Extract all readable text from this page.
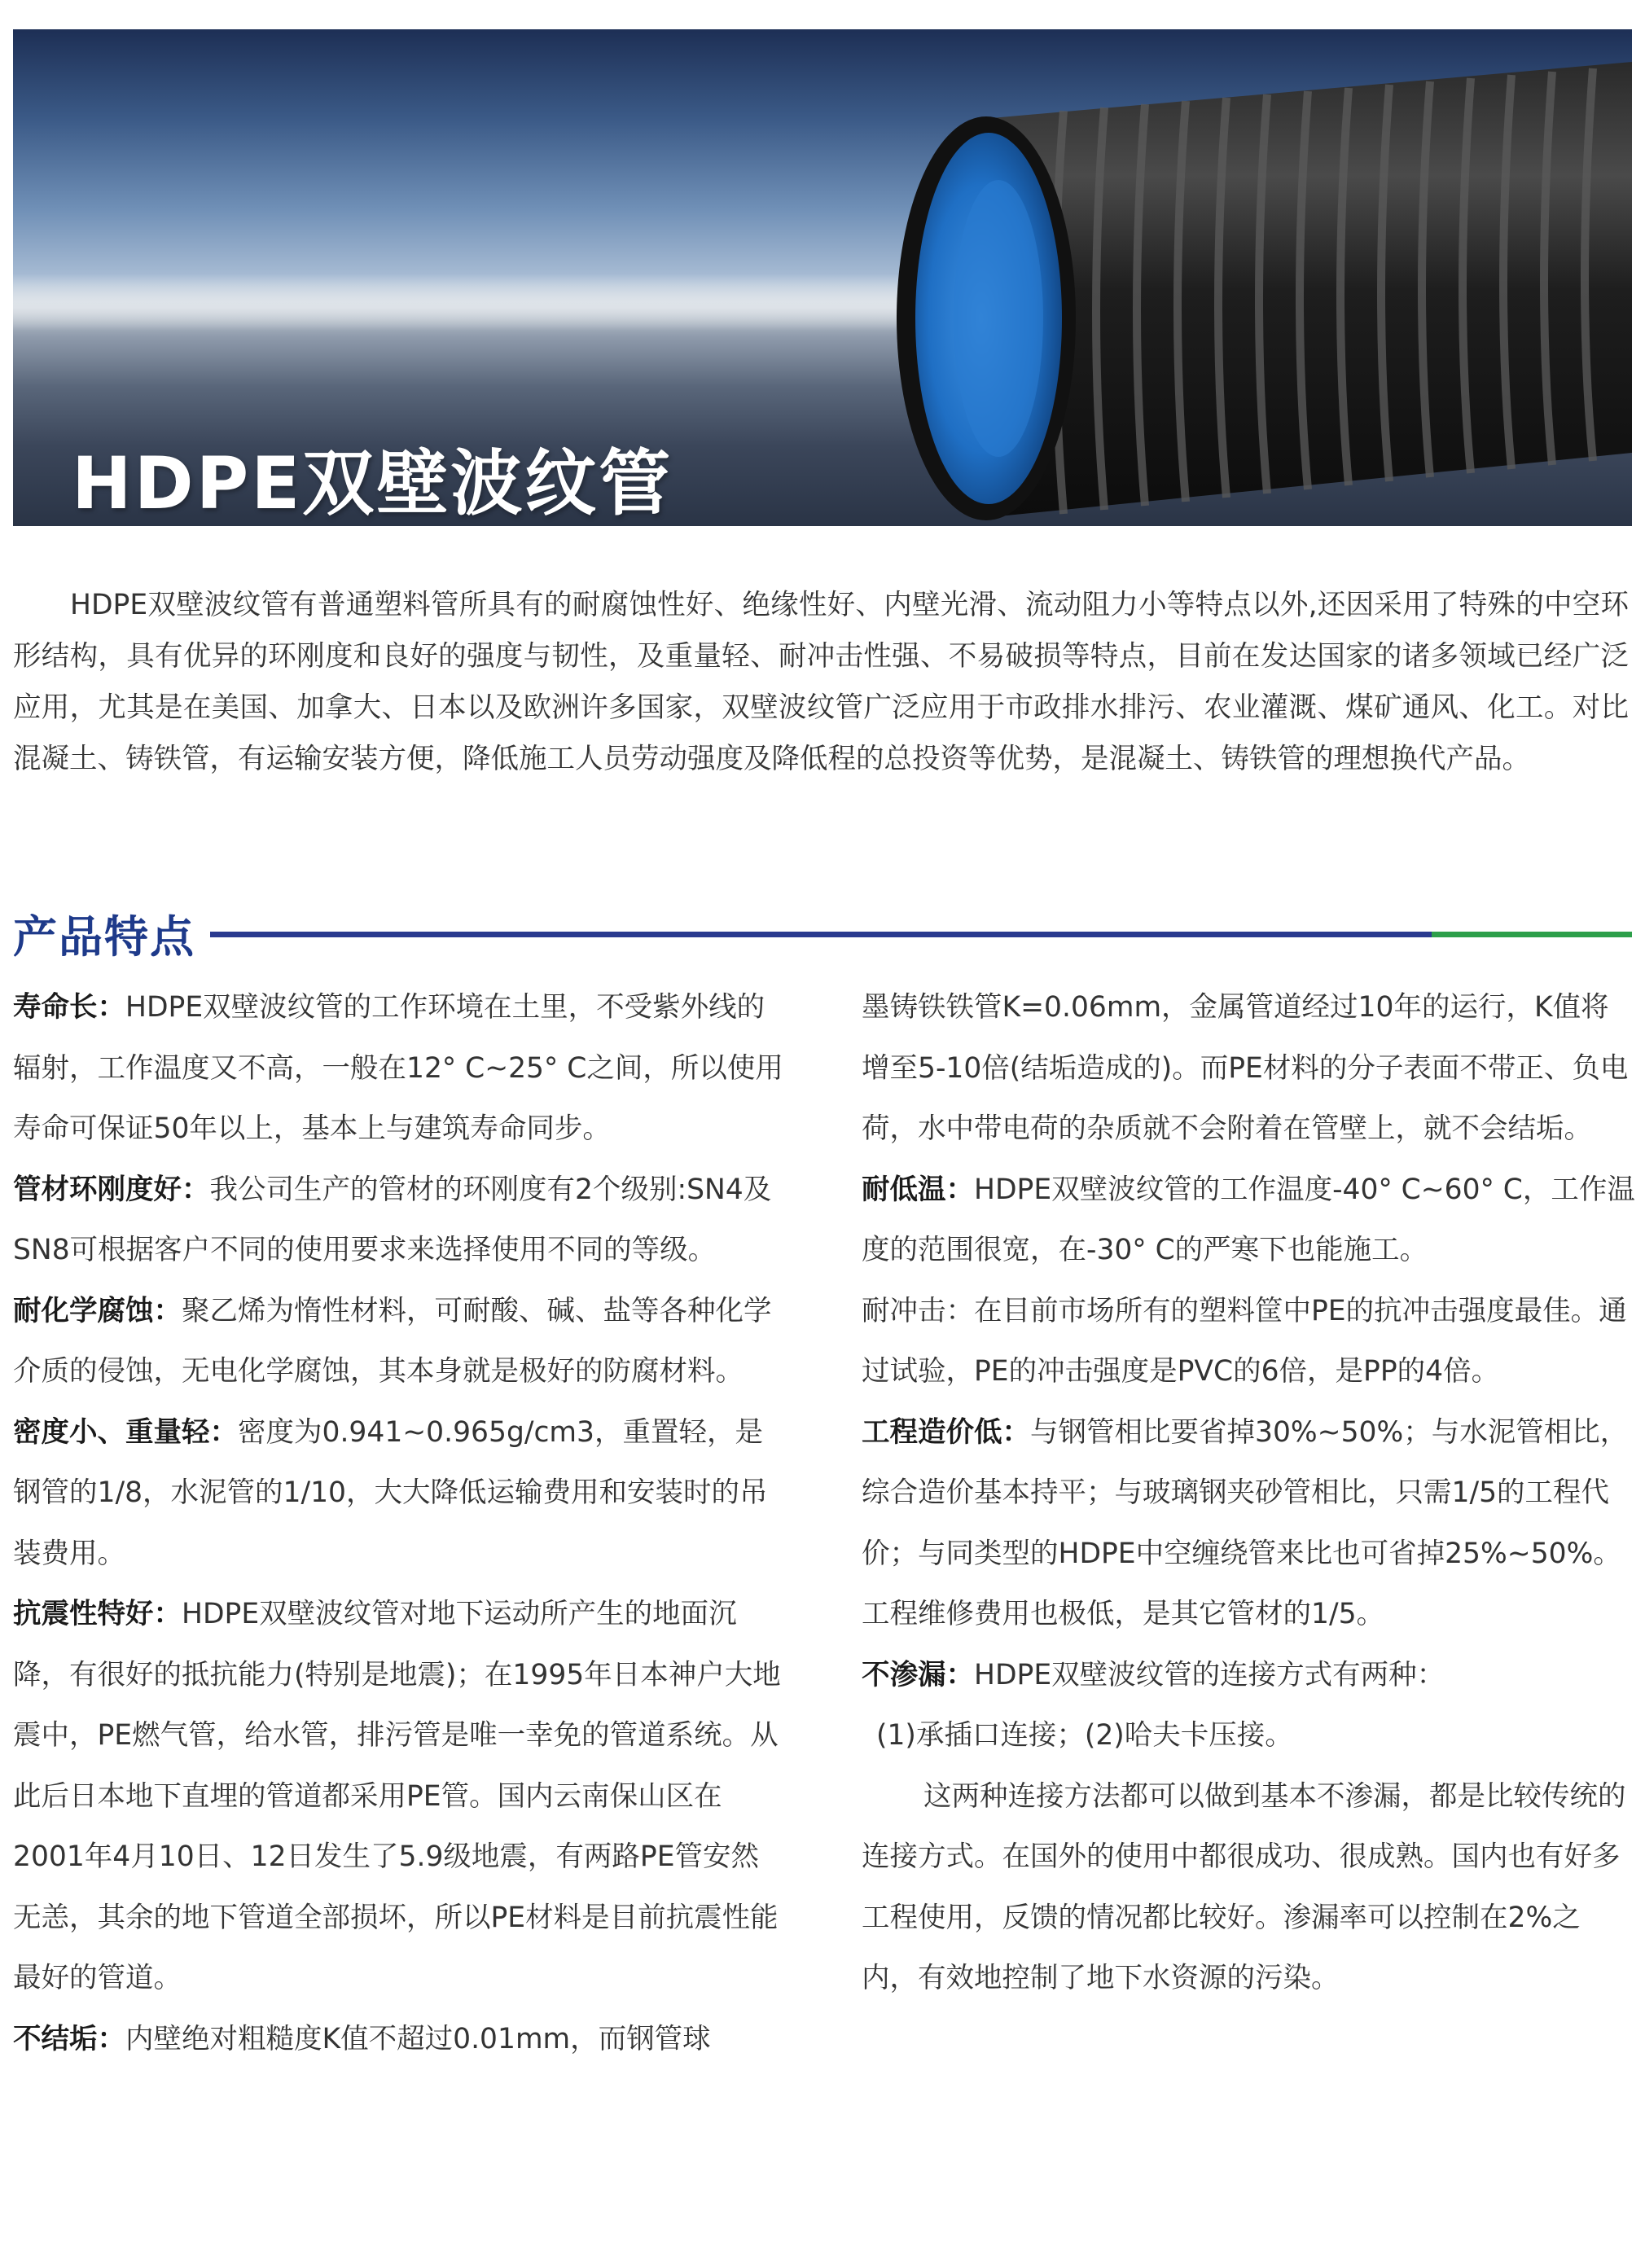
HDPE双壁波纹管

HDPE双壁波纹管有普通塑料管所具有的耐腐蚀性好、绝缘性好、内壁光滑、流动阻力小等特点以外,还因采用了特殊的中空环形结构，具有优异的环刚度和良好的强度与韧性，及重量轻、耐冲击性强、不易破损等特点，目前在发达国家的诸多领域已经广泛应用，尤其是在美国、加拿大、日本以及欧洲许多国家，双壁波纹管广泛应用于市政排水排污、农业灌溉、煤矿通风、化工。对比混凝土、铸铁管，有运输安装方便，降低施工人员劳动强度及降低程的总投资等优势，是混凝土、铸铁管的理想换代产品。

产品特点

寿命长：HDPE双壁波纹管的工作环境在土里，不受紫外线的辐射，工作温度又不高，一般在12° C~25° C之间，所以使用寿命可保证50年以上，基本上与建筑寿命同步。

管材环刚度好：我公司生产的管材的环刚度有2个级别:SN4及SN8可根据客户不同的使用要求来选择使用不同的等级。

耐化学腐蚀：聚乙烯为惰性材料，可耐酸、碱、盐等各种化学介质的侵蚀，无电化学腐蚀，其本身就是极好的防腐材料。

密度小、重量轻：密度为0.941~0.965g/cm3，重置轻，是钢管的1/8，水泥管的1/10，大大降低运输费用和安装时的吊装费用。

抗震性特好：HDPE双壁波纹管对地下运动所产生的地面沉降，有很好的抵抗能力(特别是地震)；在1995年日本神户大地震中，PE燃气管，给水管，排污管是唯一幸免的管道系统。从此后日本地下直埋的管道都采用PE管。国内云南保山区在2001年4月10日、12日发生了5.9级地震，有两路PE管安然无恙，其余的地下管道全部损坏，所以PE材料是目前抗震性能最好的管道。

不结垢：内壁绝对粗糙度K值不超过0.01mm，而钢管球

墨铸铁铁管K=0.06mm，金属管道经过10年的运行，K值将增至5-10倍(结垢造成的)。而PE材料的分子表面不带正、负电荷，水中带电荷的杂质就不会附着在管壁上，就不会结垢。

耐低温：HDPE双壁波纹管的工作温度-40° C~60° C，工作温度的范围很宽，在-30° C的严寒下也能施工。

耐冲击：在目前市场所有的塑料筐中PE的抗冲击强度最佳。通过试验，PE的冲击强度是PVC的6倍，是PP的4倍。

工程造价低：与钢管相比要省掉30%~50%；与水泥管相比，综合造价基本持平；与玻璃钢夹砂管相比，只需1/5的工程代价；与同类型的HDPE中空缠绕管来比也可省掉25%~50%。工程维修费用也极低，是其它管材的1/5。

不渗漏：HDPE双壁波纹管的连接方式有两种：

(1)承插口连接；(2)哈夫卡压接。

这两种连接方法都可以做到基本不渗漏，都是比较传统的连接方式。在国外的使用中都很成功、很成熟。国内也有好多工程使用，反馈的情况都比较好。渗漏率可以控制在2%之内，有效地控制了地下水资源的污染。
